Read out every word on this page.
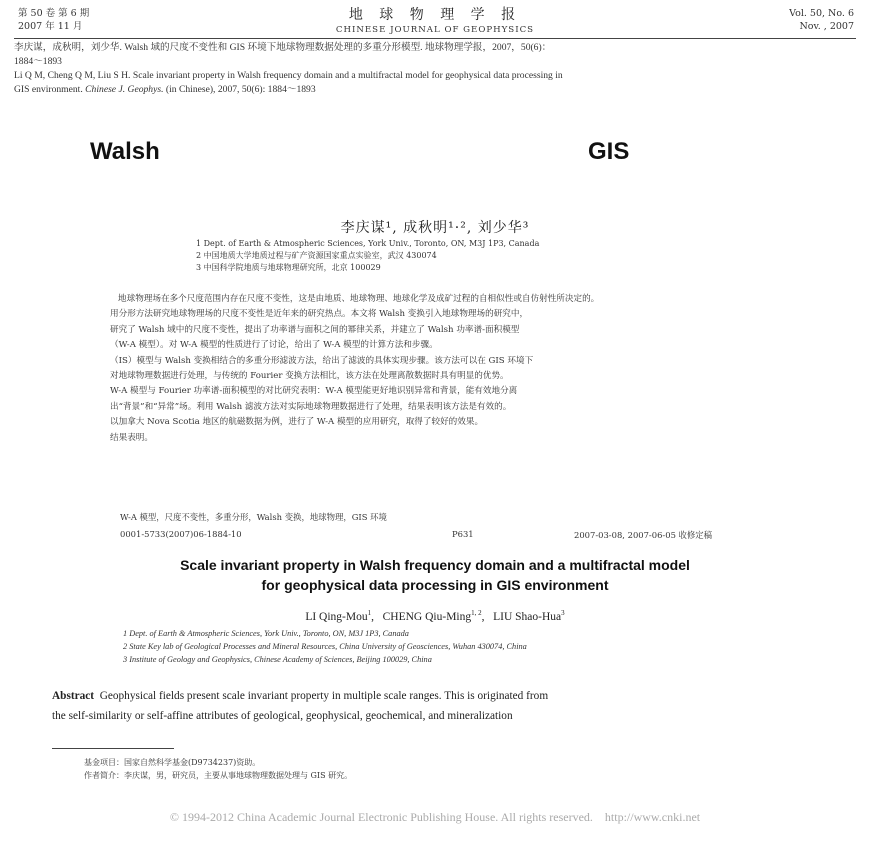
第 50 卷 第 6 期
2007 年 11 月
地 球 物 理 学 报
CHINESE JOURNAL OF GEOPHYSICS
Vol. 50, No. 6
Nov. , 2007
李庆谋，成秋明，刘少华. Walsh 域的尺度不变性和 GIS 环境下地球物理数据处理的多重分形模型. 地球物理学报，2007，50(6)：
1884～1893
Li Q M, Cheng Q M, Liu S H. Scale invariant property in Walsh frequency domain and a multifractal model for geophysical data processing in
GIS environment. Chinese J. Geophys. (in Chinese), 2007, 50(6): 1884～1893
Walsh	GIS
李庆谋¹, 成秋明¹·², 刘少华³
1 Dept. of Earth & Atmospheric Sciences, York Univ., Toronto, ON, M3J 1P3, Canada
2 中国地质大学地质过程与矿产资源国家重点实验室，武汉 430074
3 中国科学院地质与地球物理研究所，北京 100029
地球物理场在多个尺度范围内存在尺度不变性，这是由地质、地球物理、地球化学及成矿过程的自相似性或自仿射性所决定的。
用分形方法研究地球物理场的尺度不变性是近年来的研究热点。本文将 Walsh 变换引入地球物理场的研究中，
研究了 Walsh 域中的尺度不变性，提出了功率谱与面积之间的幂律关系，并建立了 Walsh 功率谱-面积模型
（W-A 模型）。对 W-A 模型的性质进行了讨论，给出了 W-A 模型的计算方法和步骤。
（IS）模型与 Walsh 变换相结合的多重分形滤波方法，给出了滤波的具体实现步骤。该方法可以在 GIS 环境下
对地球物理数据进行处理，与传统的 Fourier 变换方法相比，该方法在处理离散数据时具有明显的优势。
W-A 模型与 Fourier 功率谱-面积模型的对比研究表明：W-A 模型能更好地识别异常和背景，能有效地分离
出“背景”和“异常”场。利用 Walsh 滤波方法对实际地球物理数据进行了处理，结果表明该方法是有效的。
以加拿大 Nova Scotia 地区的航磁数据为例，进行了 W-A 模型的应用研究，取得了较好的效果。
结果表明。
W-A 模型，尺度不变性，多重分形，Walsh 变换，地球物理，GIS 环境
0001-5733(2007)06-1884-10	P631	2007-03-08, 2007-06-05 收修定稿
Scale invariant property in Walsh frequency domain and a multifractal model
for geophysical data processing in GIS environment
LI Qing-Mou$^1$,   CHENG Qiu-Ming$^{1, 2}$,   LIU Shao-Hua$^3$
1 Dept. of Earth & Atmospheric Sciences, York Univ., Toronto, ON, M3J 1P3, Canada
2 State Key lab of Geological Processes and Mineral Resources, China University of Geosciences, Wuhan 430074, China
3 Institute of Geology and Geophysics, Chinese Academy of Sciences, Beijing 100029, China
Abstract Geophysical fields present scale invariant property in multiple scale ranges. This is originated from
the self-similarity or self-affine attributes of geological, geophysical, geochemical, and mineralization
基金项目：国家自然科学基金(D9734237)资助。
作者简介：李庆谋，男，研究员，主要从事地球物理数据处理与 GIS 研究。
© 1994-2012 China Academic Journal Electronic Publishing House. All rights reserved.    http://www.cnki.net
